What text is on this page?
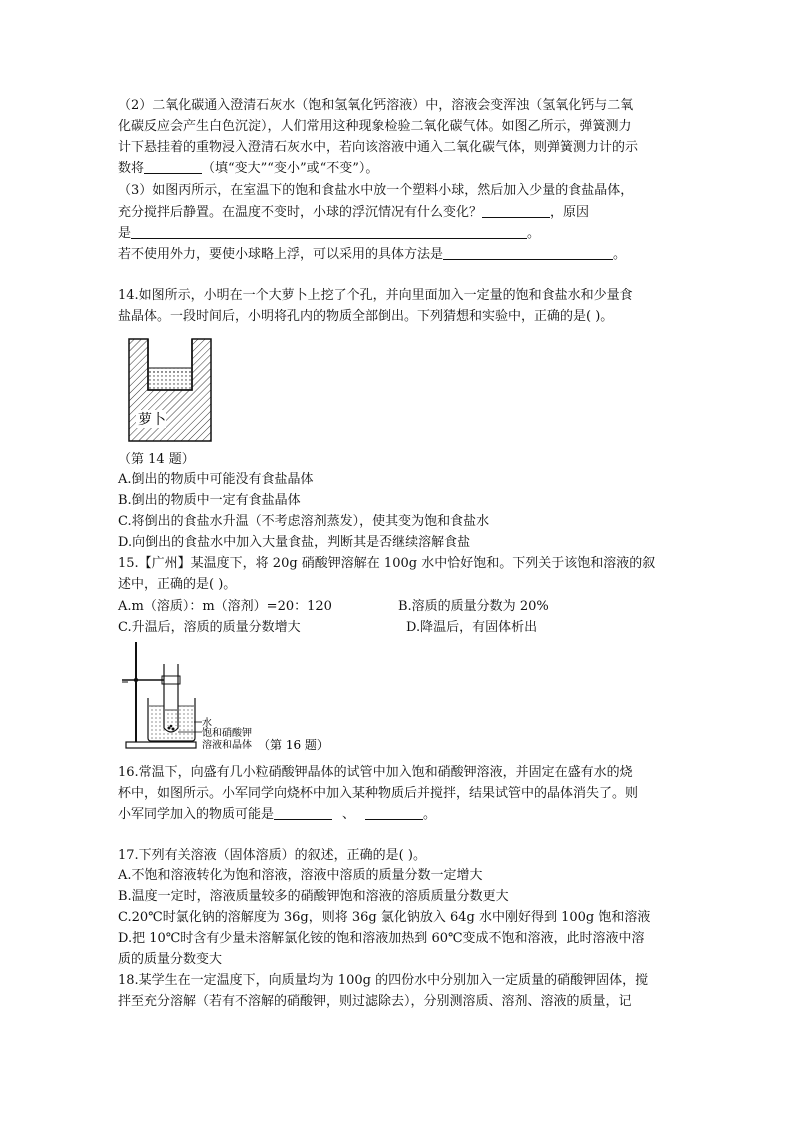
（2）二氧化碳通入澄清石灰水（饱和氢氧化钙溶液）中，溶液会变浑浊（氢氧化钙与二氧
化碳反应会产生白色沉淀），人们常用这种现象检验二氧化碳气体。如图乙所示，弹簧测力
计下悬挂着的重物浸入澄清石灰水中，若向该溶液中通入二氧化碳气体，则弹簧测力计的示
数将	（填“变大”“变小”或“不变”）。
（3）如图丙所示，在室温下的饱和食盐水中放一个塑料小球，然后加入少量的食盐晶体，
充分搅拌后静置。在温度不变时，小球的浮沉情况有什么变化？	，原因
是	。
若不使用外力，要使小球略上浮，可以采用的具体方法是	。
14.如图所示，小明在一个大萝卜上挖了个孔，并向里面加入一定量的饱和食盐水和少量食
盐晶体。一段时间后，小明将孔内的物质全部倒出。下列猜想和实验中，正确的是( )。
萝卜
（第 14 题）
A.倒出的物质中可能没有食盐晶体
B.倒出的物质中一定有食盐晶体
C.将倒出的食盐水升温（不考虑溶剂蒸发），使其变为饱和食盐水
D.向倒出的食盐水中加入大量食盐，判断其是否继续溶解食盐
15.【广州】某温度下，将 20g 硝酸钾溶解在 100g 水中恰好饱和。下列关于该饱和溶液的叙
述中，正确的是( )。
A.m（溶质）：m（溶剂）=20：120	B.溶质的质量分数为 20%
C.升温后，溶质的质量分数增大	D.降温后，有固体析出
水
饱和硝酸钾
溶液和晶体 （第 16 题）
16.常温下，向盛有几小粒硝酸钾晶体的试管中加入饱和硝酸钾溶液，并固定在盛有水的烧
杯中，如图所示。小军同学向烧杯中加入某种物质后并搅拌，结果试管中的晶体消失了。则
小军同学加入的物质可能是	、	。
17.下列有关溶液（固体溶质）的叙述，正确的是( )。
A.不饱和溶液转化为饱和溶液，溶液中溶质的质量分数一定增大
B.温度一定时，溶液质量较多的硝酸钾饱和溶液的溶质质量分数更大
C.20℃时氯化钠的溶解度为 36g，则将 36g 氯化钠放入 64g 水中刚好得到 100g 饱和溶液
D.把 10℃时含有少量未溶解氯化铵的饱和溶液加热到 60℃变成不饱和溶液，此时溶液中溶
质的质量分数变大
18.某学生在一定温度下，向质量均为 100g 的四份水中分别加入一定质量的硝酸钾固体，搅
拌至充分溶解（若有不溶解的硝酸钾，则过滤除去），分别测溶质、溶剂、溶液的质量，记
